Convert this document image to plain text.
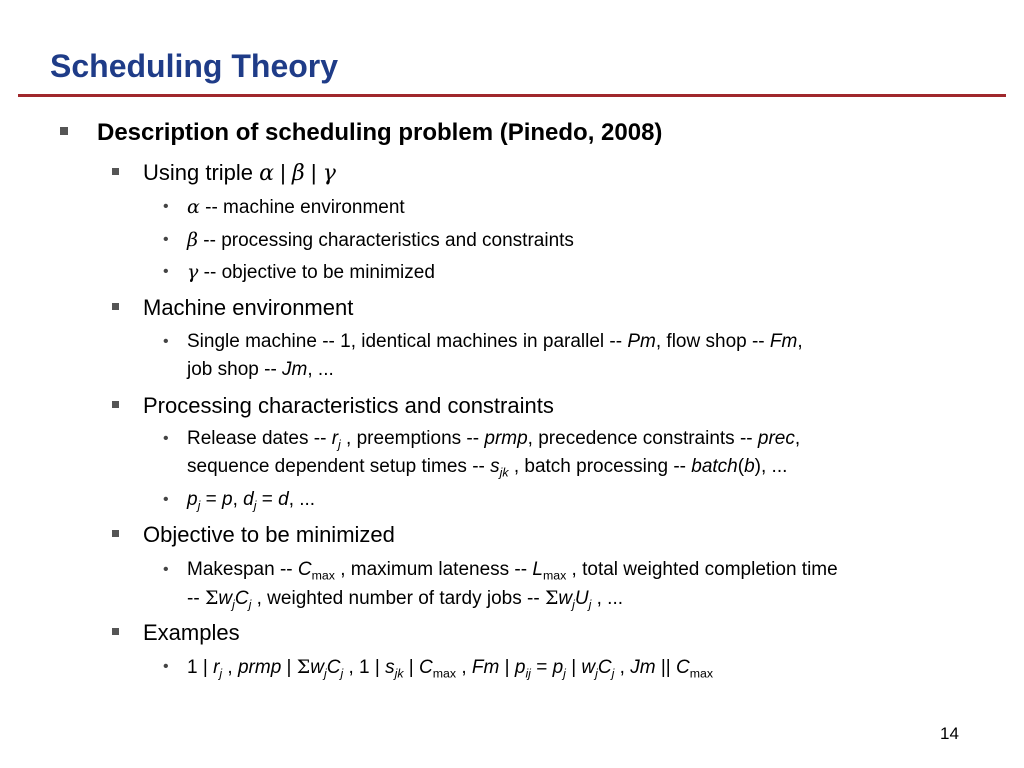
Scheduling Theory
Description of scheduling problem (Pinedo, 2008)
Using triple α | β | γ
• α -- machine environment
• β -- processing characteristics and constraints
• γ -- objective to be minimized
Machine environment
• Single machine -- 1, identical machines in parallel -- Pm, flow shop -- Fm,
job shop -- Jm, ...
Processing characteristics and constraints
• Release dates -- $r_j$ , preemptions -- prmp, precedence constraints -- prec,
sequence dependent setup times -- $s_{jk}$ , batch processing -- batch(b), ...
• $p_j = p$, $d_j = d$, ...
Objective to be minimized
• Makespan -- $C_{max}$ , maximum lateness -- $L_{max}$ , total weighted completion time
-- $\Sigma w_jC_j$ , weighted number of tardy jobs -- $\Sigma w_jU_j$ , ...
Examples
• 1 | $r_j$ , prmp | $\Sigma w_jC_j$ , 1 | $s_{jk}$ | $C_{max}$ , Fm | $p_{ij} = p_j$ | $w_jC_j$ , Jm || $C_{max}$
14
